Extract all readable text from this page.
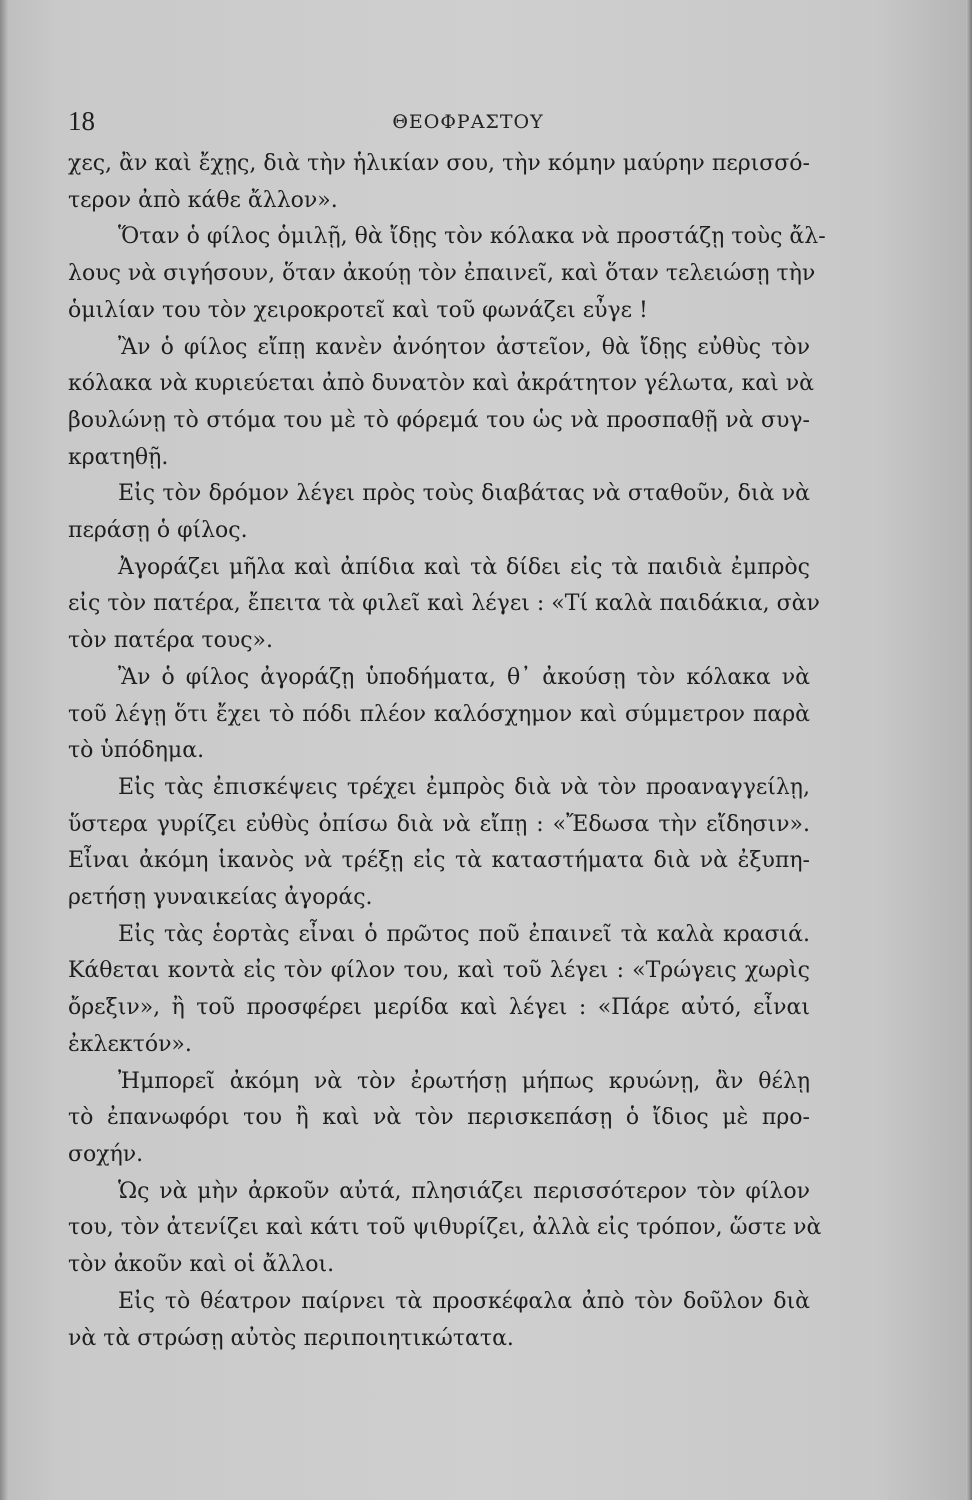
18	ΘΕΟΦΡΑΣΤΟΥ
χες, ἂν καὶ ἔχῃς, διὰ τὴν ἡλικίαν σου, τὴν κόμην μαύρην περισσό-
τερον ἀπὸ κάθε ἄλλον».
Ὅταν ὁ φίλος ὁμιλῇ, θὰ ἴδῃς τὸν κόλακα νὰ προστάζῃ τοὺς ἄλ-
λους νὰ σιγήσουν, ὅταν ἀκούῃ τὸν ἐπαινεῖ, καὶ ὅταν τελειώσῃ τὴν
ὁμιλίαν του τὸν χειροκροτεῖ καὶ τοῦ φωνάζει εὖγε !
Ἂν ὁ φίλος εἴπῃ κανὲν ἀνόητον ἀστεῖον, θὰ ἴδῃς εὐθὺς τὸν
κόλακα νὰ κυριεύεται ἀπὸ δυνατὸν καὶ ἀκράτητον γέλωτα, καὶ νὰ
βουλώνῃ τὸ στόμα του μὲ τὸ φόρεμά του ὡς νὰ προσπαθῇ νὰ συγ-
κρατηθῇ.
Εἰς τὸν δρόμον λέγει πρὸς τοὺς διαβάτας νὰ σταθοῦν, διὰ νὰ
περάσῃ ὁ φίλος.
Ἀγοράζει μῆλα καὶ ἀπίδια καὶ τὰ δίδει εἰς τὰ παιδιὰ ἐμπρὸς
εἰς τὸν πατέρα, ἔπειτα τὰ φιλεῖ καὶ λέγει : «Τί καλὰ παιδάκια, σὰν
τὸν πατέρα τους».
Ἂν ὁ φίλος ἀγοράζῃ ὑποδήματα, θ᾽ ἀκούσῃ τὸν κόλακα νὰ
τοῦ λέγῃ ὅτι ἔχει τὸ πόδι πλέον καλόσχημον καὶ σύμμετρον παρὰ
τὸ ὑπόδημα.
Εἰς τὰς ἐπισκέψεις τρέχει ἐμπρὸς διὰ νὰ τὸν προαναγγείλῃ,
ὕστερα γυρίζει εὐθὺς ὀπίσω διὰ νὰ εἴπῃ : «Ἔδωσα τὴν εἴδησιν».
Εἶναι ἀκόμη ἱκανὸς νὰ τρέξῃ εἰς τὰ καταστήματα διὰ νὰ ἐξυπη-
ρετήσῃ γυναικείας ἀγοράς.
Εἰς τὰς ἑορτὰς εἶναι ὁ πρῶτος ποῦ ἐπαινεῖ τὰ καλὰ κρασιά.
Κάθεται κοντὰ εἰς τὸν φίλον του, καὶ τοῦ λέγει : «Τρώγεις χωρὶς
ὄρεξιν», ἢ τοῦ προσφέρει μερίδα καὶ λέγει : «Πάρε αὐτό, εἶναι
ἐκλεκτόν».
Ἠμπορεῖ ἀκόμη νὰ τὸν ἐρωτήσῃ μήπως κρυώνῃ, ἂν θέλῃ
τὸ ἐπανωφόρι του ἢ καὶ νὰ τὸν περισκεπάσῃ ὁ ἴδιος μὲ προ-
σοχήν.
Ὡς νὰ μὴν ἀρκοῦν αὐτά, πλησιάζει περισσότερον τὸν φίλον
του, τὸν ἀτενίζει καὶ κάτι τοῦ ψιθυρίζει, ἀλλὰ εἰς τρόπον, ὥστε νὰ
τὸν ἀκοῦν καὶ οἱ ἄλλοι.
Εἰς τὸ θέατρον παίρνει τὰ προσκέφαλα ἀπὸ τὸν δοῦλον διὰ
νὰ τὰ στρώσῃ αὐτὸς περιποιητικώτατα.
